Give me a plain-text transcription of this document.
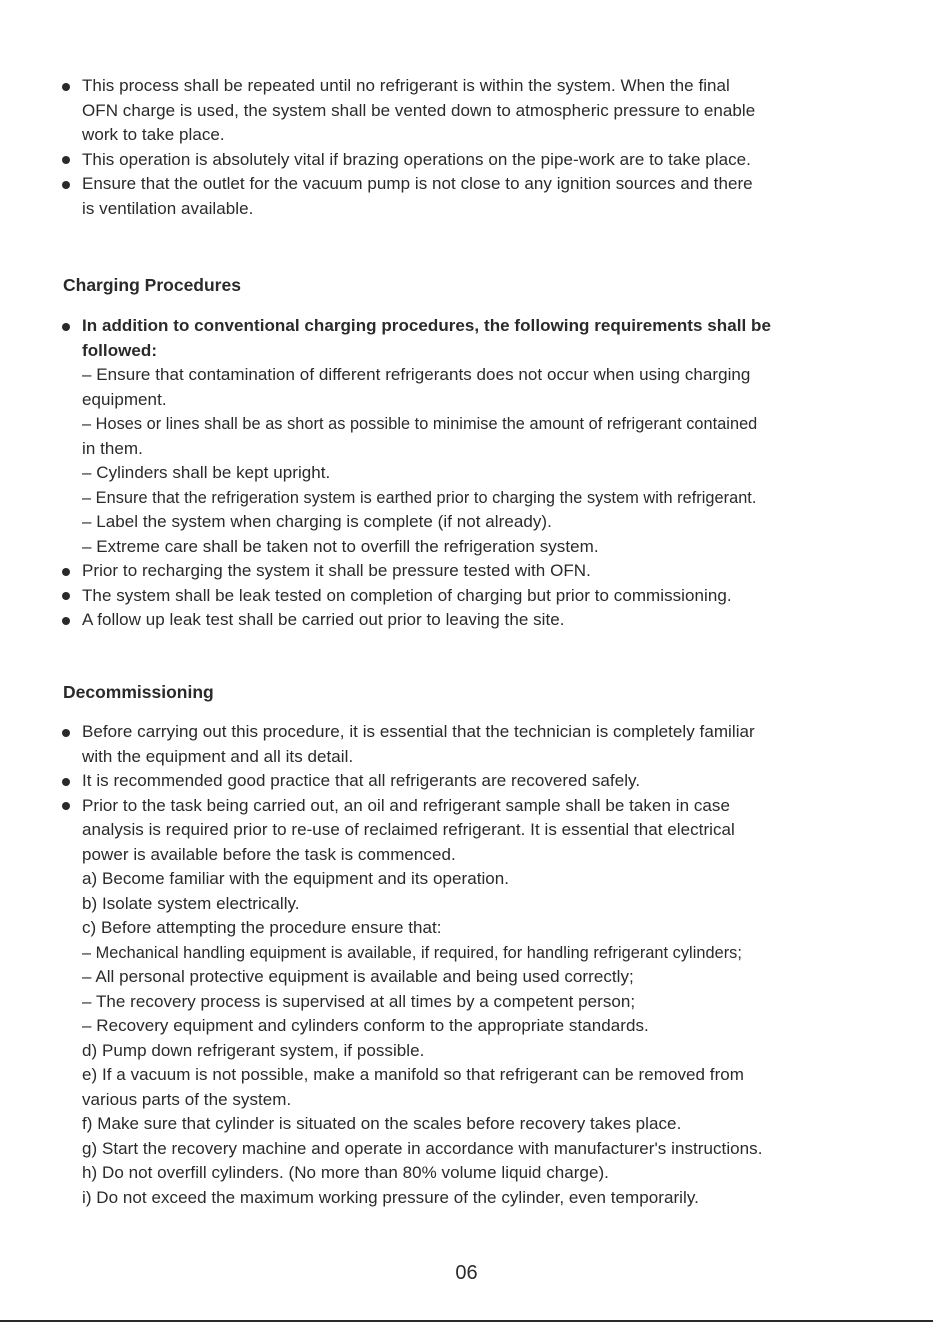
This process shall be repeated until no refrigerant is within the system. When the final
OFN charge is used, the system shall be vented down to atmospheric pressure to enable
work to take place.
This operation is absolutely vital if brazing operations on the pipe-work are to take place.
Ensure that the outlet for the vacuum pump is not close to any ignition sources and there
is ventilation available.
Charging Procedures
In addition to conventional charging procedures, the following requirements shall be
followed:
– Ensure that contamination of different refrigerants does not occur when using charging
equipment.
– Hoses or lines shall be as short as possible to minimise the amount of refrigerant contained
in them.
– Cylinders shall be kept upright.
– Ensure that the refrigeration system is earthed prior to charging the system with refrigerant.
– Label the system when charging is complete (if not already).
– Extreme care shall be taken not to overfill the refrigeration system.
Prior to recharging the system it shall be pressure tested with OFN.
The system shall be leak tested on completion of charging but prior to commissioning.
A follow up leak test shall be carried out prior to leaving the site.
Decommissioning
Before carrying out this procedure, it is essential that the technician is completely familiar
with the equipment and all its detail.
It is recommended good practice that all refrigerants are recovered safely.
Prior to the task being carried out, an oil and refrigerant sample shall be taken in case
analysis is required prior to re-use of reclaimed refrigerant. It is essential that electrical
power is available before the task is commenced.
a) Become familiar with the equipment and its operation.
b) Isolate system electrically.
c) Before attempting the procedure ensure that:
– Mechanical handling equipment is available, if required, for handling refrigerant cylinders;
– All personal protective equipment is available and being used correctly;
– The recovery process is supervised at all times by a competent person;
– Recovery equipment and cylinders conform to the appropriate standards.
d) Pump down refrigerant system, if possible.
e) If a vacuum is not possible, make a manifold so that refrigerant can be removed from
various parts of the system.
f) Make sure that cylinder is situated on the scales before recovery takes place.
g) Start the recovery machine and operate in accordance with manufacturer's instructions.
h) Do not overfill cylinders. (No more than 80% volume liquid charge).
i) Do not exceed the maximum working pressure of the cylinder, even temporarily.
06
